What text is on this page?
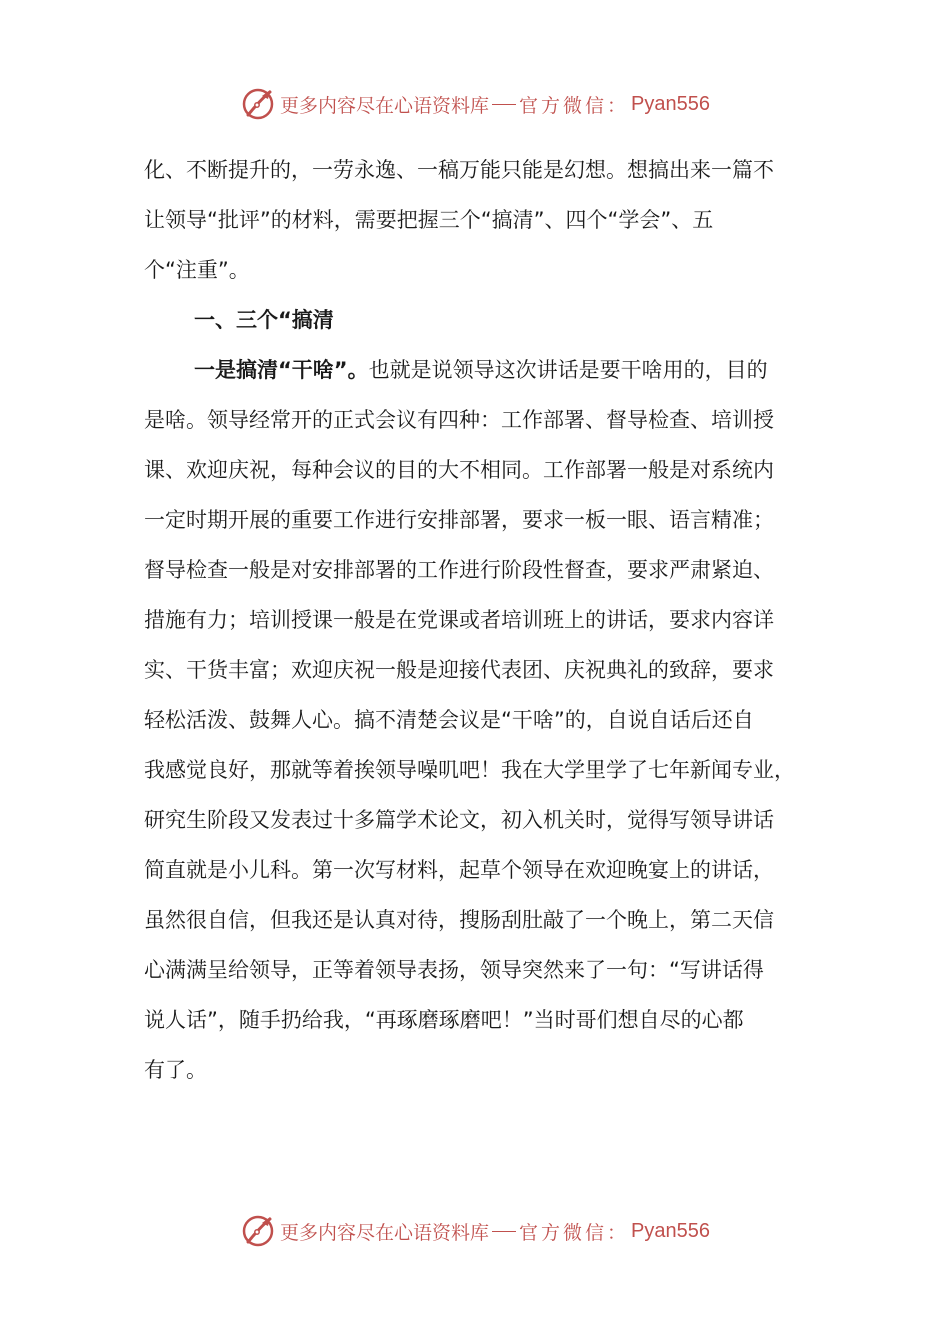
更多内容尽在心语资料库 官方微信： Pyan556
化、不断提升的，一劳永逸、一稿万能只能是幻想。想搞出来一篇不
让领导“批评”的材料，需要把握三个“搞清”、四个“学会”、五
个“注重”。
一、三个“搞清
一是搞清“干啥”。也就是说领导这次讲话是要干啥用的，目的
是啥。领导经常开的正式会议有四种：工作部署、督导检查、培训授
课、欢迎庆祝，每种会议的目的大不相同。工作部署一般是对系统内
一定时期开展的重要工作进行安排部署，要求一板一眼、语言精准；
督导检查一般是对安排部署的工作进行阶段性督查，要求严肃紧迫、
措施有力；培训授课一般是在党课或者培训班上的讲话，要求内容详
实、干货丰富；欢迎庆祝一般是迎接代表团、庆祝典礼的致辞，要求
轻松活泼、鼓舞人心。搞不清楚会议是“干啥”的，自说自话后还自
我感觉良好，那就等着挨领导噪叽吧！我在大学里学了七年新闻专业，
研究生阶段又发表过十多篇学术论文，初入机关时，觉得写领导讲话
简直就是小儿科。第一次写材料，起草个领导在欢迎晚宴上的讲话，
虽然很自信，但我还是认真对待，搜肠刮肚敲了一个晚上，第二天信
心满满呈给领导，正等着领导表扬，领导突然来了一句：“写讲话得
说人话”，随手扔给我，“再琢磨琢磨吧！”当时哥们想自尽的心都
有了。
更多内容尽在心语资料库 官方微信： Pyan556
